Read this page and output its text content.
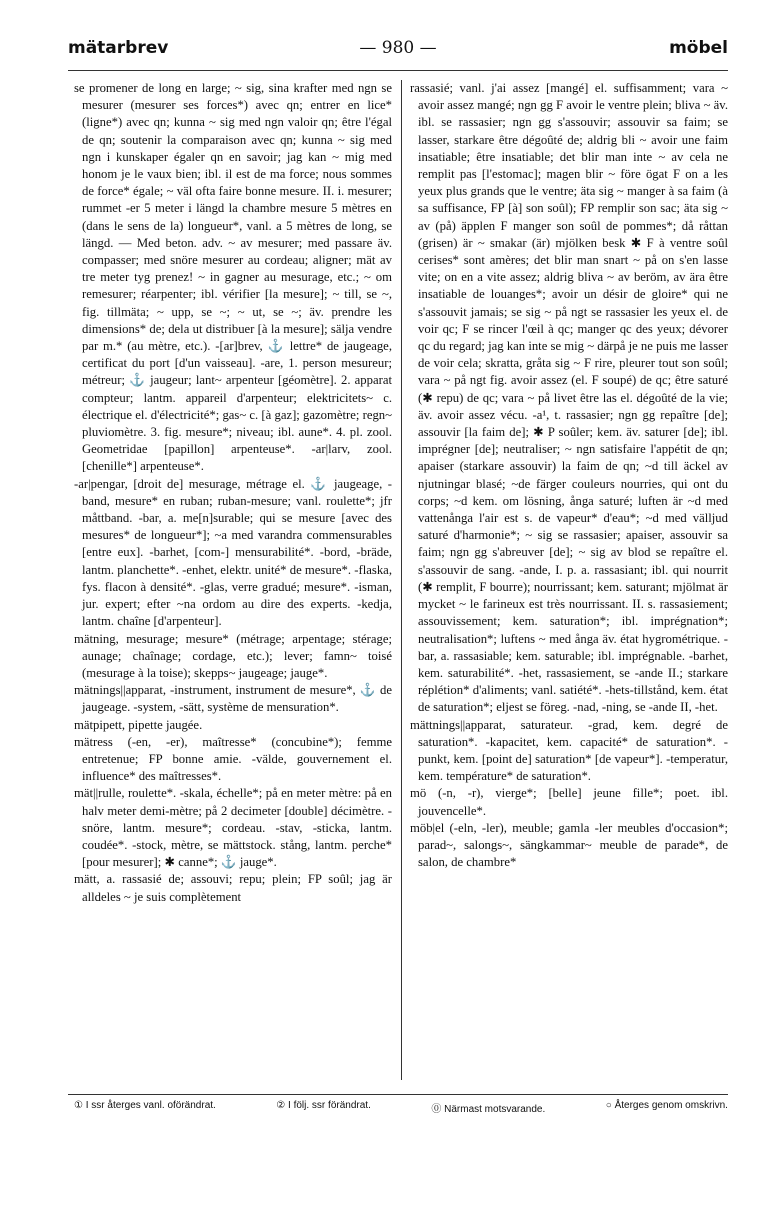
mätarbrev	— 980 —	möbel

se promener de long en large; ~ sig, sina krafter med ngn se mesurer (mesurer ses forces*) avec qn; entrer en lice* (ligne*) avec qn; kunna ~ sig med ngn valoir qn; être l'égal de qn; soutenir la comparaison avec qn; kunna ~ sig med ngn i kunskaper égaler qn en savoir; jag kan ~ mig med honom je le vaux bien; ibl. il est de ma force; nous sommes de force* égale; ~ väl ofta faire bonne mesure. II. i. mesurer; rummet -er 5 meter i längd la chambre mesure 5 mètres en (dans le sens de la) longueur*, vanl. a 5 mètres de long, se längd. — Med beton. adv. ~ av mesurer; med passare äv. compasser; med snöre mesurer au cordeau; aligner; mät av tre meter tyg prenez! ~ in gagner au mesurage, etc.; ~ om remesurer; réarpenter; ibl. vérifier [la mesure]; ~ till, se ~, fig. tillmäta; ~ upp, se ~; ~ ut, se ~; äv. prendre les dimensions* de; dela ut distribuer [à la mesure]; sälja vendre par m.* (au mètre, etc.). -[ar]brev, ⚓ lettre* de jaugeage, certificat du port [d'un vaisseau]. -are, 1. person mesureur; métreur; ⚓ jaugeur; lant~ arpenteur [géomètre]. 2. apparat compteur; lantm. appareil d'arpenteur; elektricitets~ c. électrique el. d'électricité*; gas~ c. [à gaz]; gazomètre; regn~ pluviomètre. 3. fig. mesure*; niveau; ibl. aune*. 4. pl. zool. Geometridae [papillon] arpenteuse*. -ar|larv, zool. [chenille*] arpenteuse*.

-ar|pengar, [droit de] mesurage, métrage el. ⚓ jaugeage, -band, mesure* en ruban; ruban-mesure; vanl. roulette*; jfr måttband. -bar, a. me[n]surable; qui se mesure [avec des mesures* de longueur*]; ~a med varandra commensurables [entre eux]. -barhet, [com-] mensurabilité*. -bord, -bräde, lantm. planchette*. -enhet, elektr. unité* de mesure*. -flaska, fys. flacon à densité*. -glas, verre gradué; mesure*. -isman, jur. expert; efter ~na ordom au dire des experts. -kedja, lantm. chaîne [d'arpenteur].

mätning, mesurage; mesure* (métrage; arpentage; stérage; aunage; chaînage; cordage, etc.); lever; famn~ toisé (mesurage à la toise); skepps~ jaugeage; jauge*.

mätnings||apparat, -instrument, instrument de mesure*, ⚓ de jaugeage. -system, -sätt, système de mensuration*.

mätpipett, pipette jaugée.

mätress (-en, -er), maîtresse* (concubine*); femme entretenue; FP bonne amie. -välde, gouvernement el. influence* des maîtresses*.

mät||rulle, roulette*. -skala, échelle*; på en meter mètre: på en halv meter demi-mètre; på 2 decimeter [double] décimètre. -snöre, lantm. mesure*; cordeau. -stav, -sticka, lantm. coudée*. -stock, mètre, se mättstock. stång, lantm. perche* [pour mesurer]; ✱ canne*; ⚓ jauge*.

mätt, a. rassasié de; assouvi; repu; plein; FP soûl; jag är alldeles ~ je suis complètement

rassasié; vanl. j'ai assez [mangé] el. suffisamment; vara ~ avoir assez mangé; ngn gg F avoir le ventre plein; bliva ~ äv. ibl. se rassasier; ngn gg s'assouvir; assouvir sa faim; se lasser, starkare être dégoûté de; aldrig bli ~ avoir une faim insatiable; être insatiable; det blir man inte ~ av cela ne remplit pas [l'estomac]; magen blir ~ före ögat F on a les yeux plus grands que le ventre; äta sig ~ manger à sa faim (à sa suffisance, FP [à] son soûl); FP remplir son sac; äta sig ~ av (på) äpplen F manger son soûl de pommes*; då råttan (grisen) är ~ smakar (är) mjölken besk ✱ F à ventre soûl cerises* sont amères; det blir man snart ~ på on s'en lasse vite; on en a vite assez; aldrig bliva ~ av beröm, av ära être insatiable de louanges*; avoir un désir de gloire* qui ne s'assouvit jamais; se sig ~ på ngt se rassasier les yeux el. de voir qc; F se rincer l'œil à qc; manger qc des yeux; dévorer qc du regard; jag kan inte se mig ~ därpå je ne puis me lasser de voir cela; skratta, gråta sig ~ F rire, pleurer tout son soûl; vara ~ på ngt fig. avoir assez (el. F soupé) de qc; être saturé (✱ repu) de qc; vara ~ på livet être las el. dégoûté de la vie; äv. avoir assez vécu. -a¹, t. rassasier; ngn gg repaître [de]; assouvir [la faim de]; ✱ P soûler; kem. äv. saturer [de]; ibl. imprégner [de]; neutraliser; ~ ngn satisfaire l'appétit de qn; apaiser (starkare assouvir) la faim de qn; ~d till äckel av njutningar blasé; ~de färger couleurs nourries, qui ont du corps; ~d kem. om lösning, ånga saturé; luften är ~d med vattenånga l'air est s. de vapeur* d'eau*; ~d med välljud saturé d'harmonie*; ~ sig se rassasier; apaiser, assouvir sa faim; ngn gg s'abreuver [de]; ~ sig av blod se repaître el. s'assouvir de sang. -ande, I. p. a. rassasiant; ibl. qui nourrit (✱ remplit, F bourre); nourrissant; kem. saturant; mjölmat är mycket ~ le farineux est très nourrissant. II. s. rassasiement; assouvissement; kem. saturation*; ibl. imprégnation*; neutralisation*; luftens ~ med ånga äv. état hygrométrique. -bar, a. rassasiable; kem. saturable; ibl. imprégnable. -barhet, kem. saturabilité*. -het, rassasiement, se -ande II.; starkare réplétion* d'aliments; vanl. satiété*. -hets-tillstånd, kem. état de saturation*; eljest se föreg. -nad, -ning, se -ande II, -het.

mättnings||apparat, saturateur. -grad, kem. degré de saturation*. -kapacitet, kem. capacité* de saturation*. -punkt, kem. [point de] saturation* [de vapeur*]. -temperatur, kem. température* de saturation*.

mö (-n, -r), vierge*; [belle] jeune fille*; poet. ibl. jouvencelle*.

möb|el (-eln, -ler), meuble; gamla -ler meubles d'occasion*; parad~, salongs~, sängkammar~ meuble de parade*, de salon, de chambre*

① I ssr återges vanl. oförändrat.	② I följ. ssr förändrat.	⓪ Närmast motsvarande.	○ Återges genom omskrivn.
